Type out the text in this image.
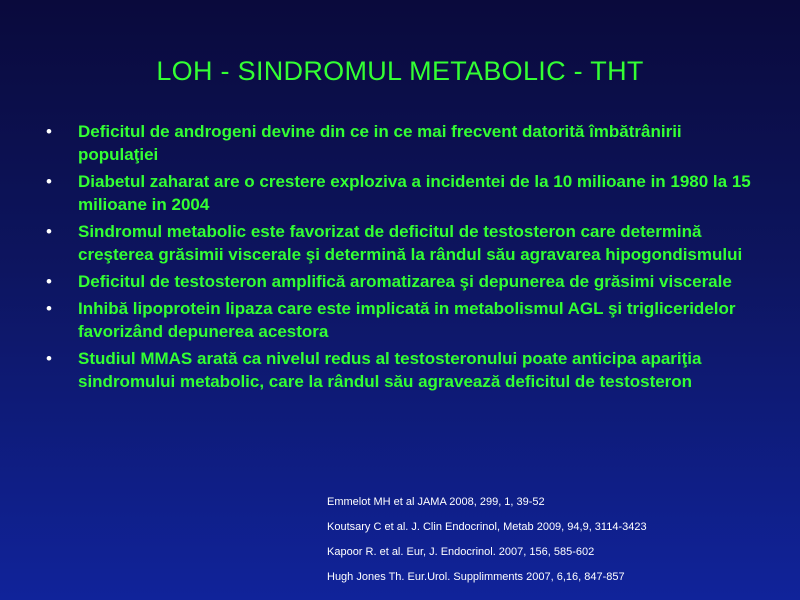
LOH - SINDROMUL METABOLIC - THT
• Deficitul de androgeni devine din ce in ce mai frecvent datorită îmbătrânirii populaţiei
• Diabetul zaharat are o crestere exploziva a incidentei de la 10 milioane in 1980 la 15 milioane in 2004
• Sindromul metabolic este favorizat de deficitul de testosteron care determină creşterea grăsimii viscerale şi determină la rândul său agravarea hipogondismului
• Deficitul de testosteron amplifică aromatizarea şi depunerea de grăsimi viscerale
• Inhibă lipoprotein lipaza care este implicată in metabolismul AGL şi trigliceridelor favorizând depunerea acestora
• Studiul MMAS arată ca nivelul redus al testosteronului poate anticipa apariţia sindromului metabolic, care la rândul său agravează deficitul de testosteron
Emmelot MH et al JAMA 2008, 299, 1, 39-52
Koutsary C et al. J. Clin Endocrinol, Metab 2009, 94,9, 3114-3423
Kapoor R. et al. Eur, J. Endocrinol. 2007, 156, 585-602
Hugh Jones Th. Eur.Urol. Supplimments 2007, 6,16, 847-857
